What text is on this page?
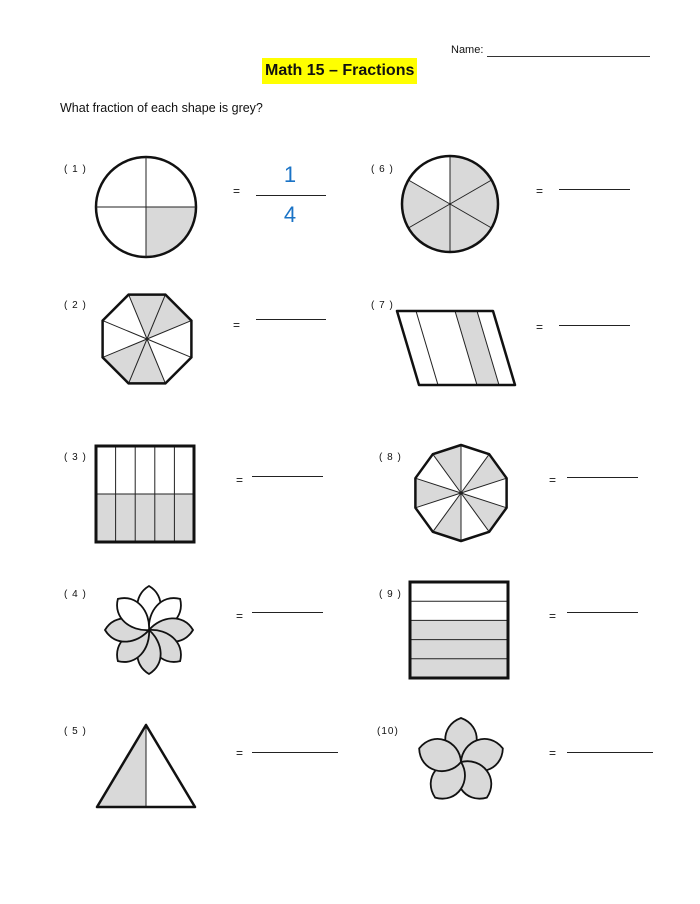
Name:
Math 15 – Fractions
What fraction of each shape is grey?
( 1 )
=
1
4
( 2 )
=
( 3 )
=
( 4 )
=
( 5 )
=
( 6 )
=
( 7 )
=
( 8 )
=
( 9 )
=
(10)
=
